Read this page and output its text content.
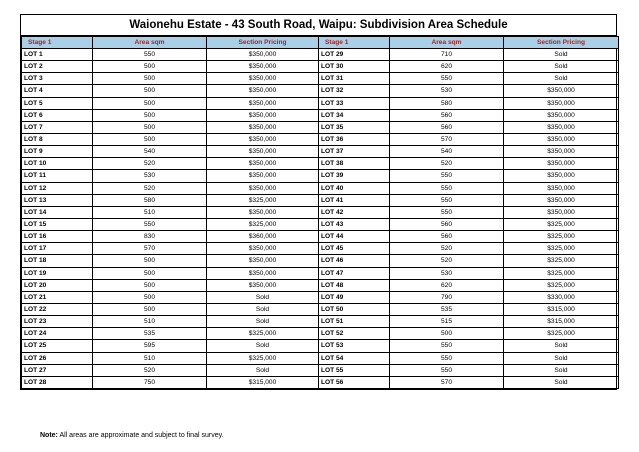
Waionehu Estate - 43 South Road, Waipu: Subdivision Area Schedule
Stage 1	Area sqm	Section Pricing	Stage 1	Area sqm	Section Pricing
LOT 1	550	$350,000	LOT 29	710	Sold
LOT 2	500	$350,000	LOT 30	620	Sold
LOT 3	500	$350,000	LOT 31	550	Sold
LOT 4	500	$350,000	LOT 32	530	$350,000
LOT 5	500	$350,000	LOT 33	580	$350,000
LOT 6	500	$350,000	LOT 34	560	$350,000
LOT 7	500	$350,000	LOT 35	560	$350,000
LOT 8	500	$350,000	LOT 36	570	$350,000
LOT 9	540	$350,000	LOT 37	540	$350,000
LOT 10	520	$350,000	LOT 38	520	$350,000
LOT 11	530	$350,000	LOT 39	550	$350,000
LOT 12	520	$350,000	LOT 40	550	$350,000
LOT 13	580	$325,000	LOT 41	550	$350,000
LOT 14	510	$350,000	LOT 42	550	$350,000
LOT 15	550	$325,000	LOT 43	560	$325,000
LOT 16	830	$360,000	LOT 44	560	$325,000
LOT 17	570	$350,000	LOT 45	520	$325,000
LOT 18	500	$350,000	LOT 46	520	$325,000
LOT 19	500	$350,000	LOT 47	530	$325,000
LOT 20	500	$350,000	LOT 48	620	$325,000
LOT 21	500	Sold	LOT 49	790	$330,000
LOT 22	500	Sold	LOT 50	535	$315,000
LOT 23	510	Sold	LOT 51	515	$315,000
LOT 24	535	$325,000	LOT 52	500	$325,000
LOT 25	595	Sold	LOT 53	550	Sold
LOT 26	510	$325,000	LOT 54	550	Sold
LOT 27	520	Sold	LOT 55	550	Sold
LOT 28	750	$315,000	LOT 56	570	Sold
Note: All areas are approximate and subject to final survey.
